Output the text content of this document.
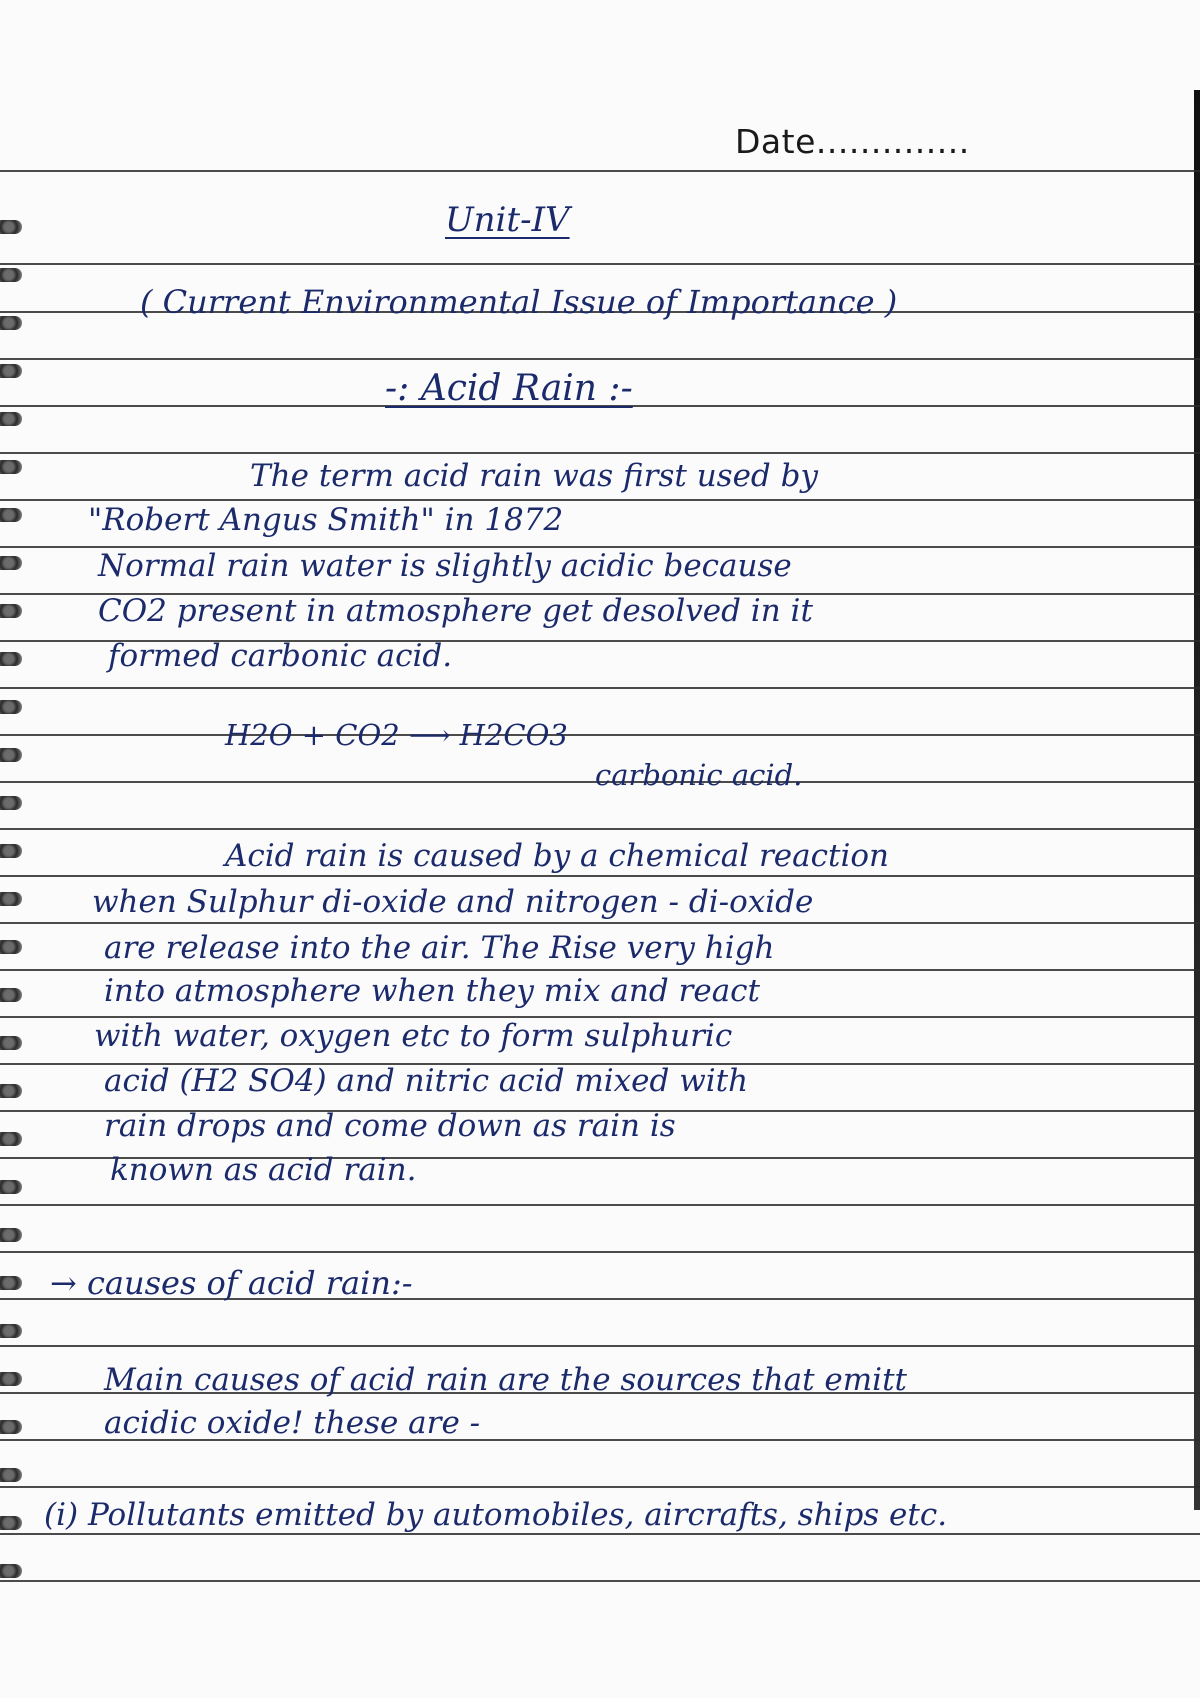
Date..............
Unit-IV
( Current Environmental Issue of Importance )
-: Acid Rain :-
The term acid rain was first used by
"Robert Angus Smith" in 1872
Normal rain water is slightly acidic because
CO2 present in atmosphere get desolved in it
formed carbonic acid.
H2O + CO2 ⟶ H2CO3
carbonic acid.
Acid rain is caused by a chemical reaction
when Sulphur di-oxide and nitrogen - di-oxide
are release into the air. The Rise very high
into atmosphere when they mix and react
with water, oxygen etc to form sulphuric
acid (H2 SO4) and nitric acid mixed with
rain drops and come down as rain is
known as acid rain.
→ causes of acid rain:-
Main causes of acid rain are the sources that emitt
acidic oxide! these are -
(i) Pollutants emitted by automobiles, aircrafts, ships etc.
